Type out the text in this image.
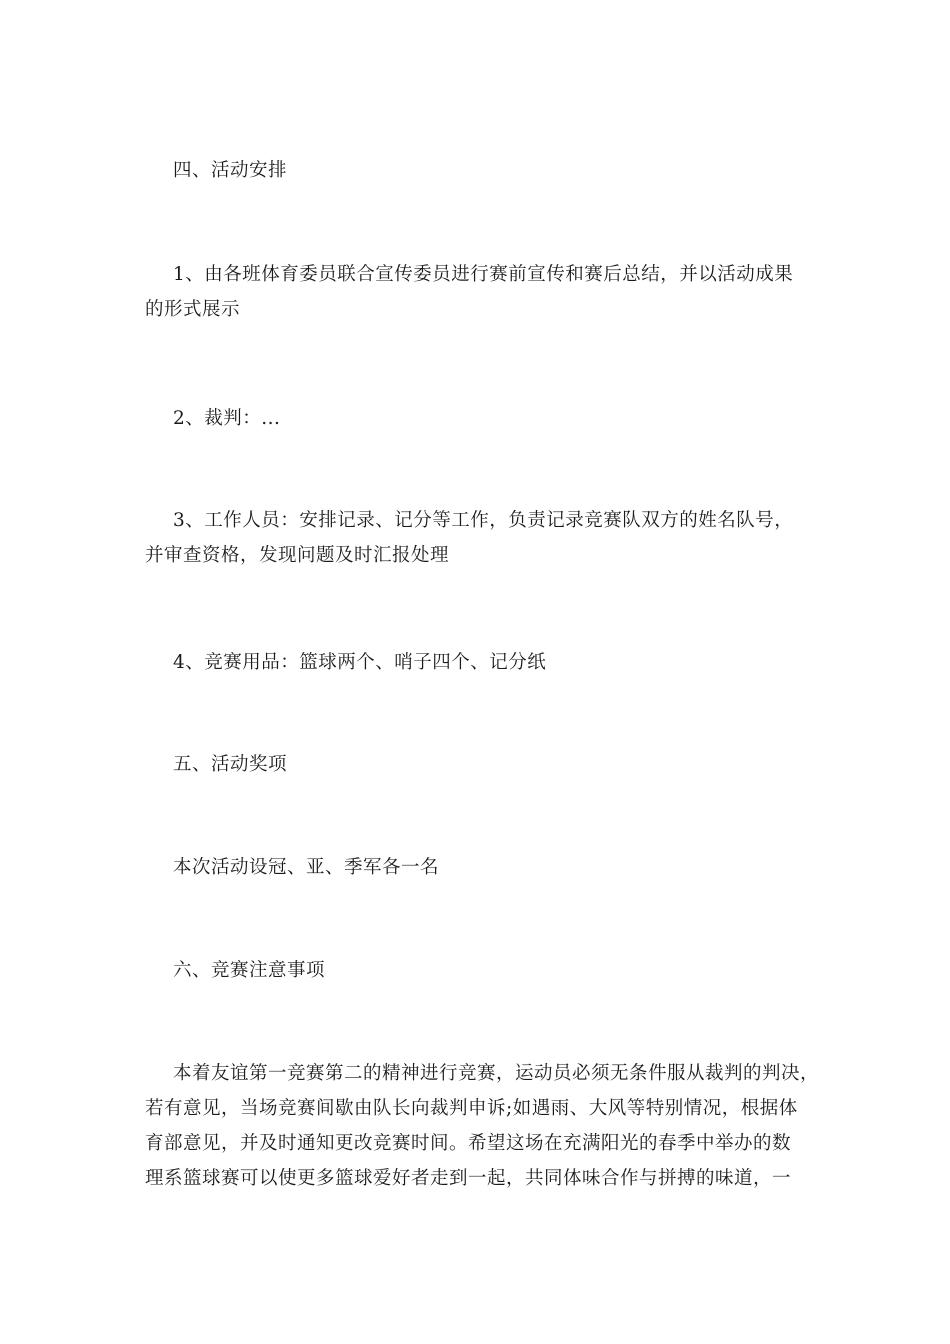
四、活动安排

1、由各班体育委员联合宣传委员进行赛前宣传和赛后总结，并以活动成果
的形式展示

2、裁判：...

3、工作人员：安排记录、记分等工作，负责记录竞赛队双方的姓名队号，
并审查资格，发现问题及时汇报处理

4、竞赛用品：篮球两个、哨子四个、记分纸

五、活动奖项

本次活动设冠、亚、季军各一名

六、竞赛注意事项

本着友谊第一竞赛第二的精神进行竞赛，运动员必须无条件服从裁判的判决，
若有意见，当场竞赛间歇由队长向裁判申诉;如遇雨、大风等特别情况，根据体
育部意见，并及时通知更改竞赛时间。希望这场在充满阳光的春季中举办的数
理系篮球赛可以使更多篮球爱好者走到一起，共同体味合作与拼搏的味道，一
